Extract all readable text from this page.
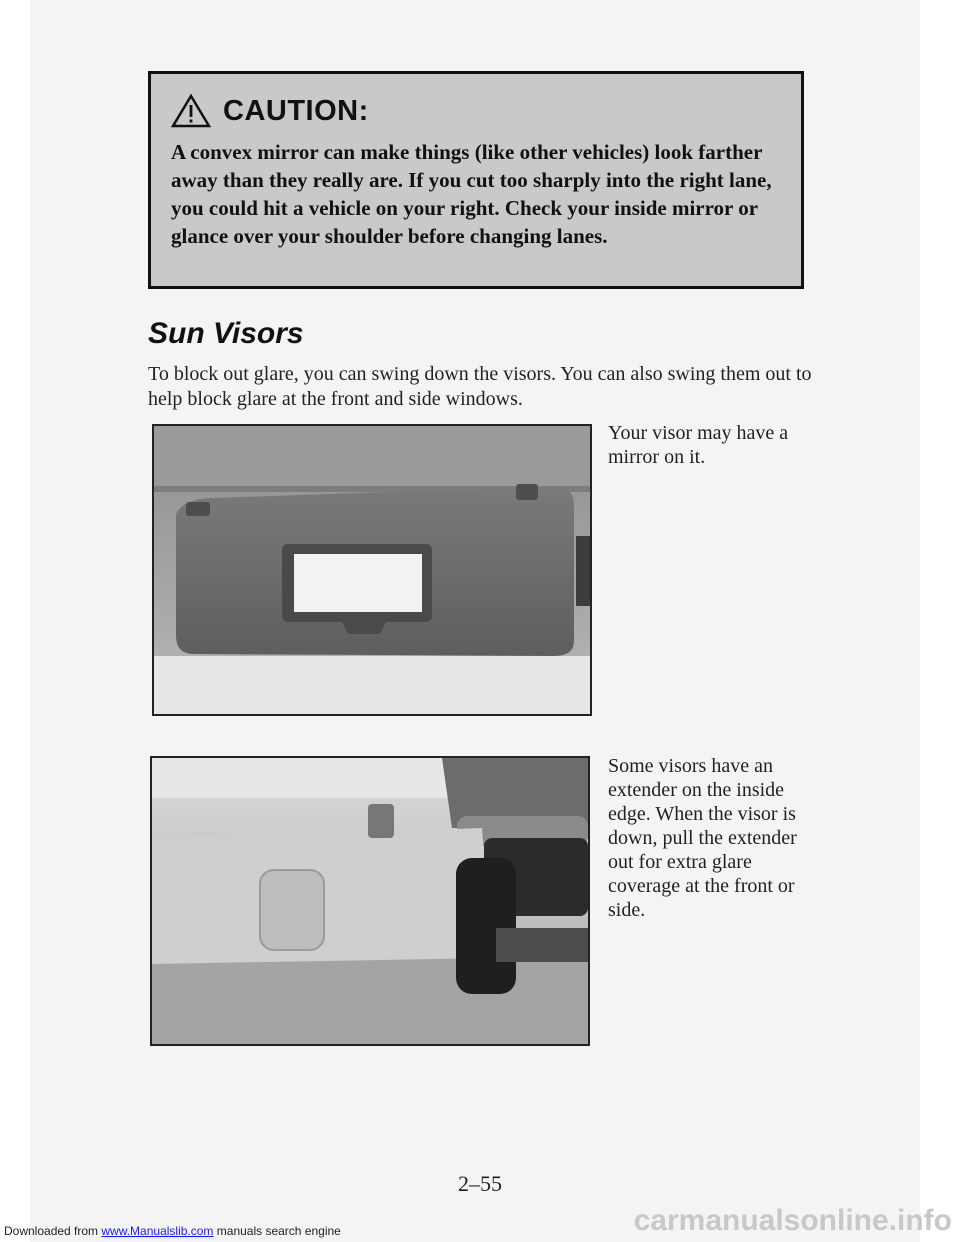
CAUTION:
A convex mirror can make things (like other vehicles) look farther away than they really are. If you cut too sharply into the right lane, you could hit a vehicle on your right. Check your inside mirror or glance over your shoulder before changing lanes.
Sun Visors
To block out glare, you can swing down the visors. You can also swing them out to help block glare at the front and side windows.
Your visor may have a mirror on it.
Some visors have an extender on the inside edge. When the visor is down, pull the extender out for extra glare coverage at the front or side.
2–55
Downloaded from www.Manualslib.com manuals search engine	carmanualsonline.info
